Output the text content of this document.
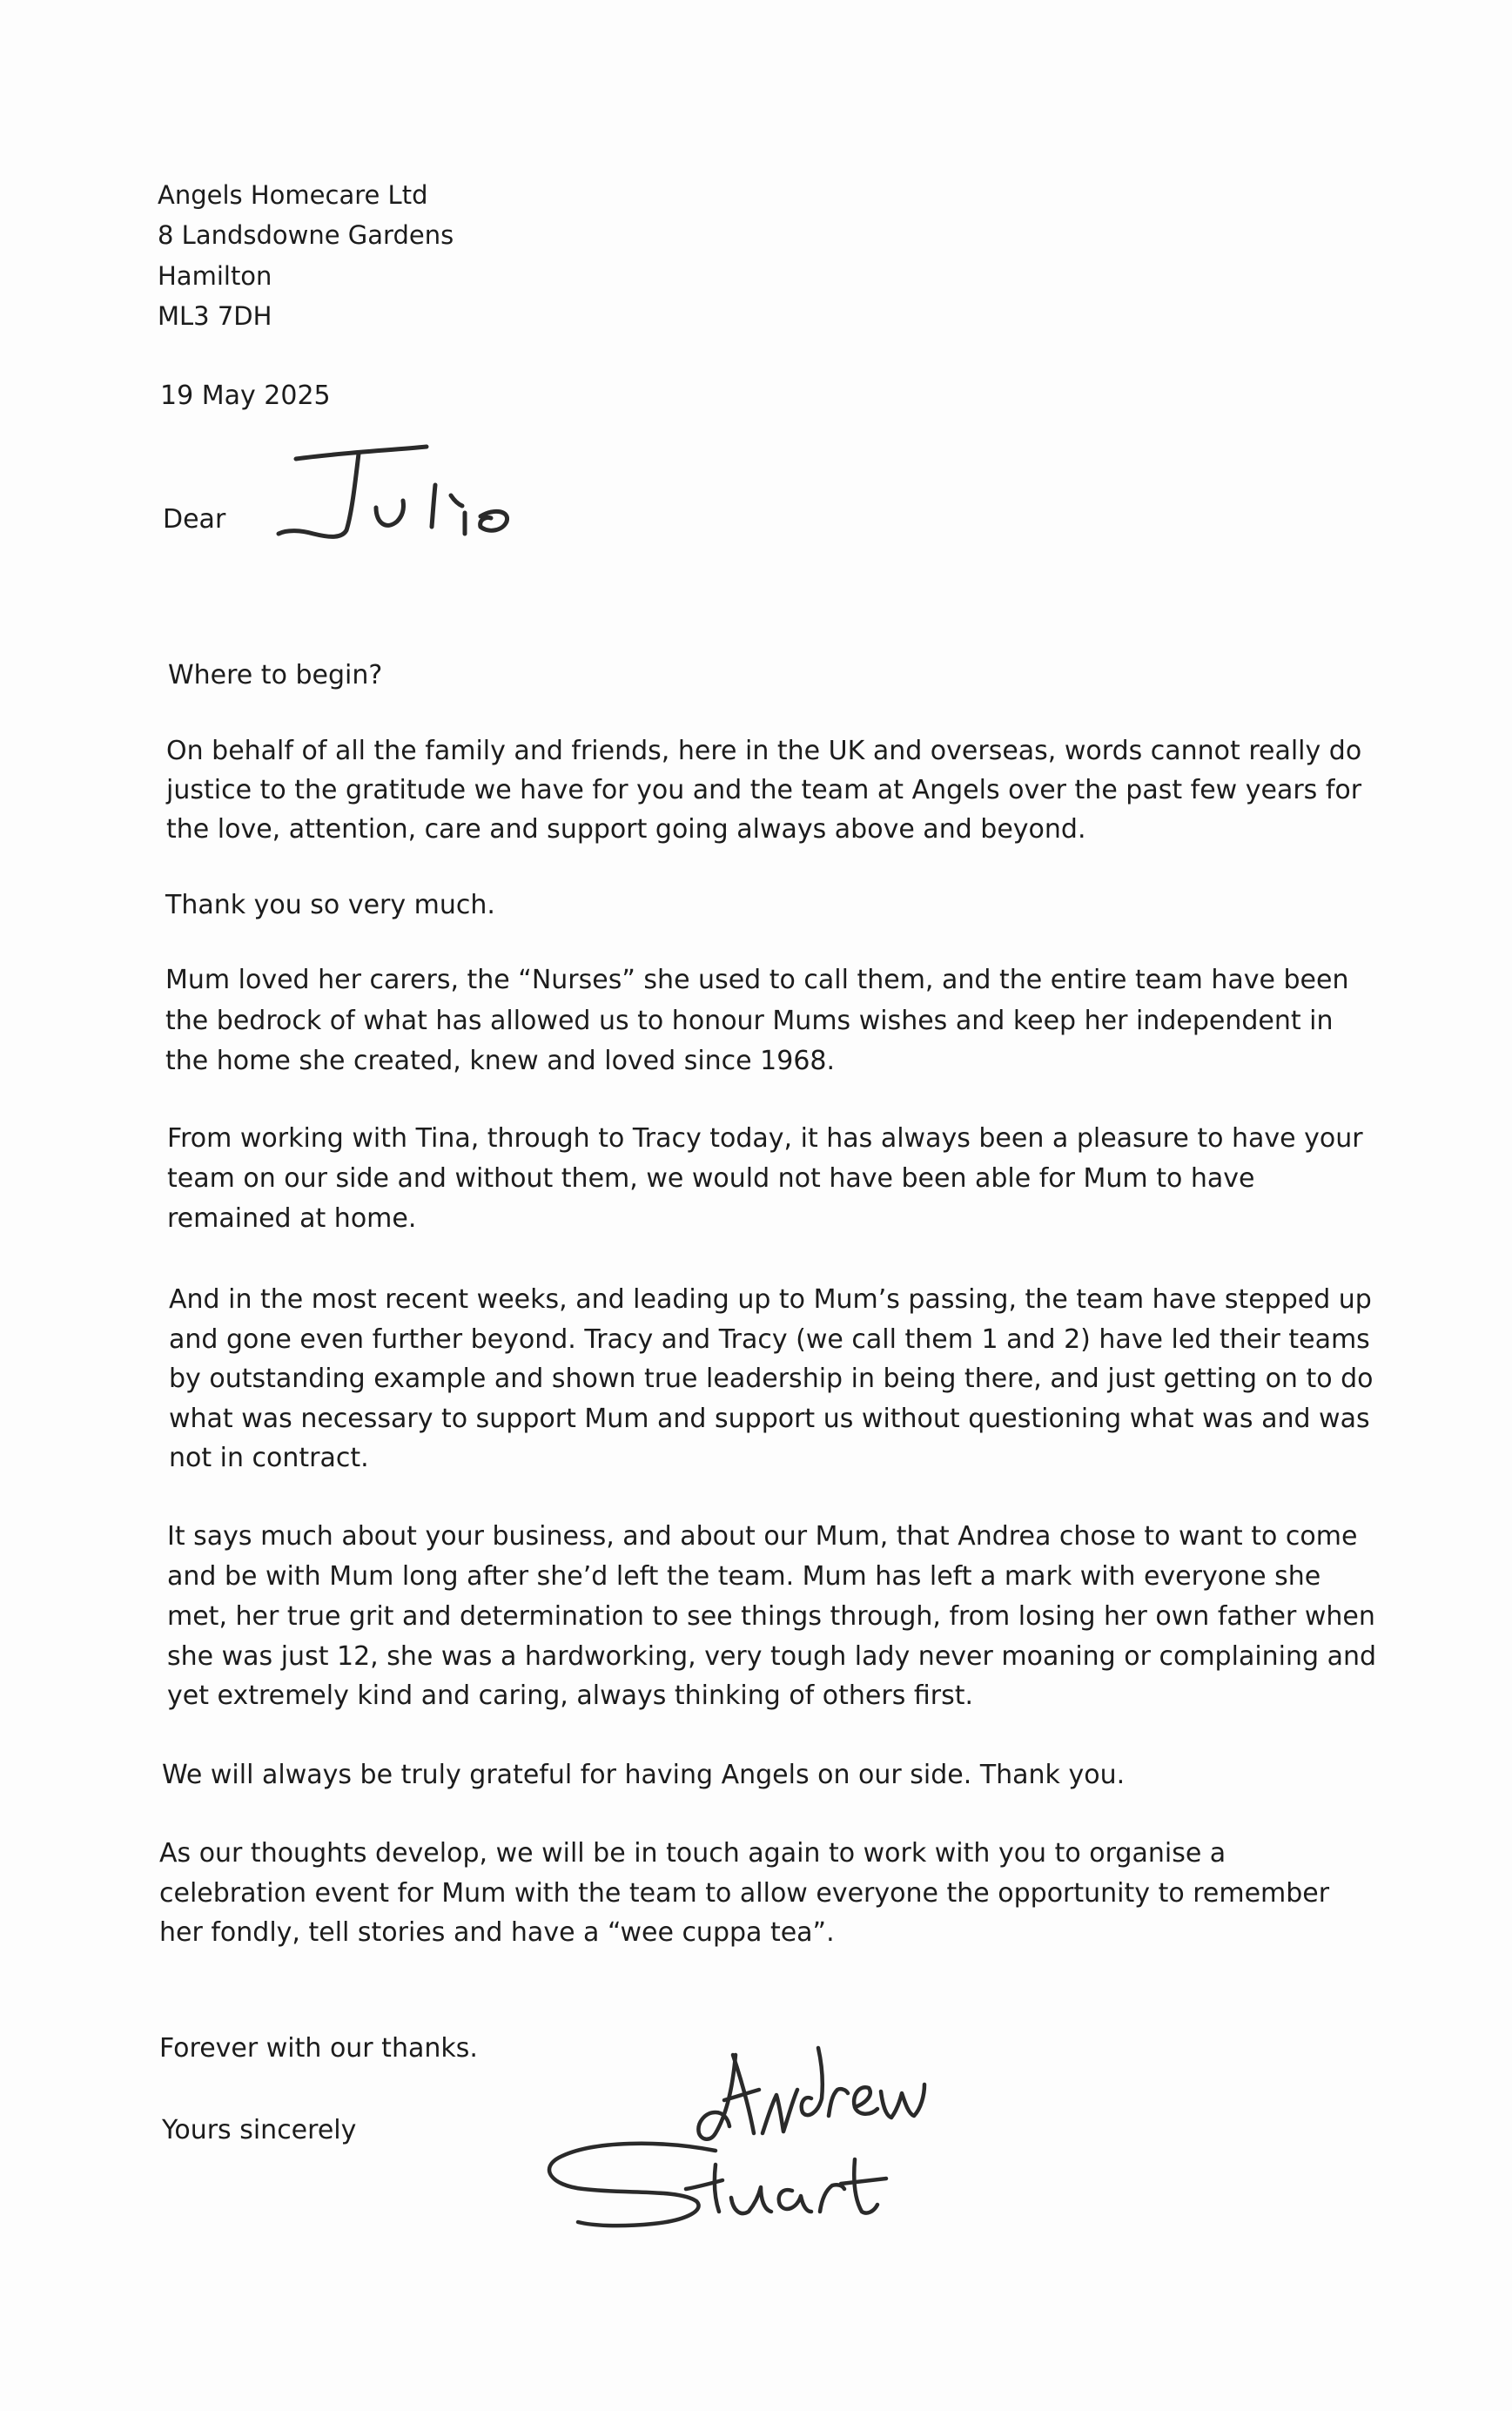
Angels Homecare Ltd
8 Landsdowne Gardens
Hamilton
ML3 7DH
19 May 2025
Dear
Where to begin?
On behalf of all the family and friends, here in the UK and overseas, words cannot really do
justice to the gratitude we have for you and the team at Angels over the past few years for
the love, attention, care and support going always above and beyond.
Thank you so very much.
Mum loved her carers, the “Nurses” she used to call them, and the entire team have been
the bedrock of what has allowed us to honour Mums wishes and keep her independent in
the home she created, knew and loved since 1968.
From working with Tina, through to Tracy today, it has always been a pleasure to have your
team on our side and without them, we would not have been able for Mum to have
remained at home.
And in the most recent weeks, and leading up to Mum’s passing, the team have stepped up
and gone even further beyond. Tracy and Tracy (we call them 1 and 2) have led their teams
by outstanding example and shown true leadership in being there, and just getting on to do
what was necessary to support Mum and support us without questioning what was and was
not in contract.
It says much about your business, and about our Mum, that Andrea chose to want to come
and be with Mum long after she’d left the team. Mum has left a mark with everyone she
met, her true grit and determination to see things through, from losing her own father when
she was just 12, she was a hardworking, very tough lady never moaning or complaining and
yet extremely kind and caring, always thinking of others first.
We will always be truly grateful for having Angels on our side. Thank you.
As our thoughts develop, we will be in touch again to work with you to organise a
celebration event for Mum with the team to allow everyone the opportunity to remember
her fondly, tell stories and have a “wee cuppa tea”.
Forever with our thanks.
Yours sincerely
